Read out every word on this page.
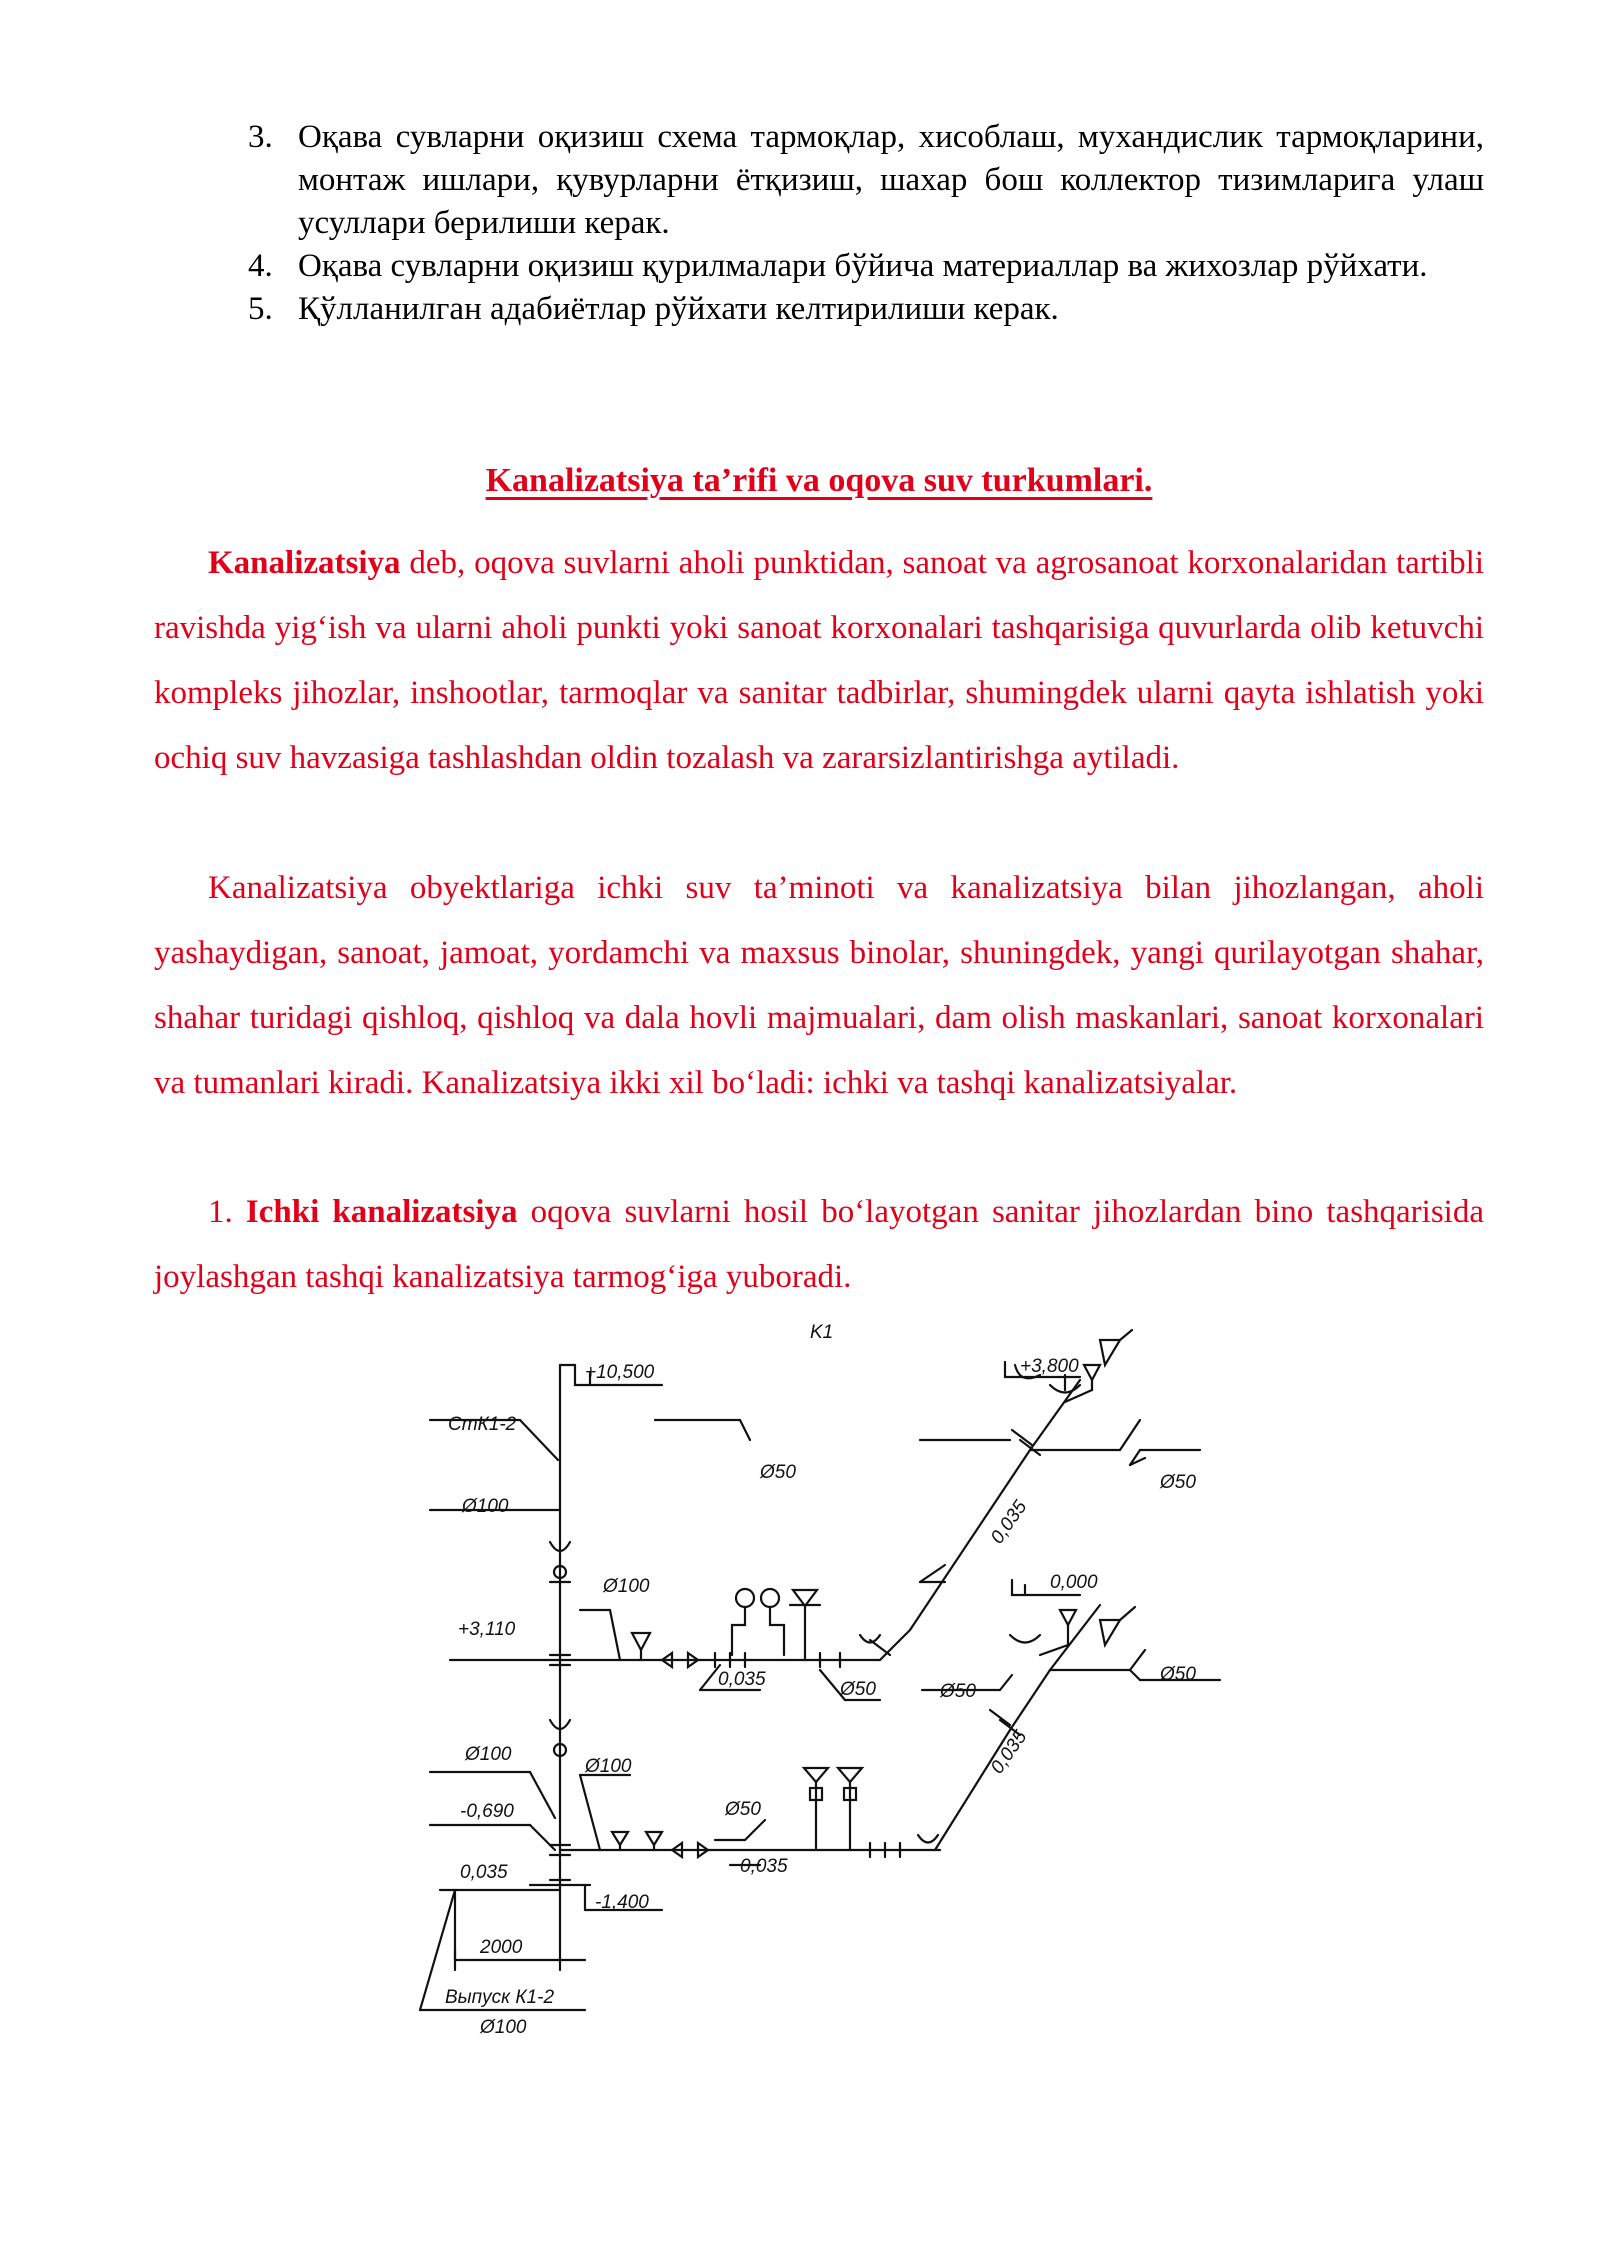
3. Оқава сувларни оқизиш схема тармоқлар, хисоблаш, мухандислик тармоқларини, монтаж ишлари, қувурларни ётқизиш, шахар бош коллектор тизимларига улаш усуллари берилиши керак.
4. Оқава сувларни оқизиш қурилмалари бўйича материаллар ва жихозлар рўйхати.
5. Қўлланилган адабиётлар рўйхати келтирилиши керак.
Kanalizatsiya ta’rifi va oqova suv turkumlari.

Kanalizatsiya deb, oqova suvlarni aholi punktidan, sanoat va agrosanoat korxonalaridan tartibli ravishda yig‘ish va ularni aholi punkti yoki sanoat korxonalari tashqarisiga quvurlarda olib ketuvchi kompleks jihozlar, inshootlar, tarmoqlar va sanitar tadbirlar, shumingdek ularni qayta ishlatish yoki ochiq suv havzasiga tashlashdan oldin tozalash va zararsizlantirishga aytiladi.

Kanalizatsiya obyektlariga ichki suv ta’minoti va kanalizatsiya bilan jihozlangan, aholi yashaydigan, sanoat, jamoat, yordamchi va maxsus binolar, shuningdek, yangi qurilayotgan shahar, shahar turidagi qishloq, qishloq va dala hovli majmualari, dam olish maskanlari, sanoat korxonalari va tumanlari kiradi. Kanalizatsiya ikki xil bo‘ladi: ichki va tashqi kanalizatsiyalar.

1. Ichki kanalizatsiya oqova suvlarni hosil bo‘layotgan sanitar jihozlardan bino tashqarisida joylashgan tashqi kanalizatsiya tarmog‘iga yuboradi.

K1
+10,500	+3,800
0,000
СтК1-2
Ø100
Ø100
+3,110
0,035	Ø50	Ø50
Ø50	Ø50
Ø50
0,035
0,035
Ø100
Ø100
-0,690	Ø50
0,035
0,035
-1,400
2000
Выпуск К1-2
Ø100
